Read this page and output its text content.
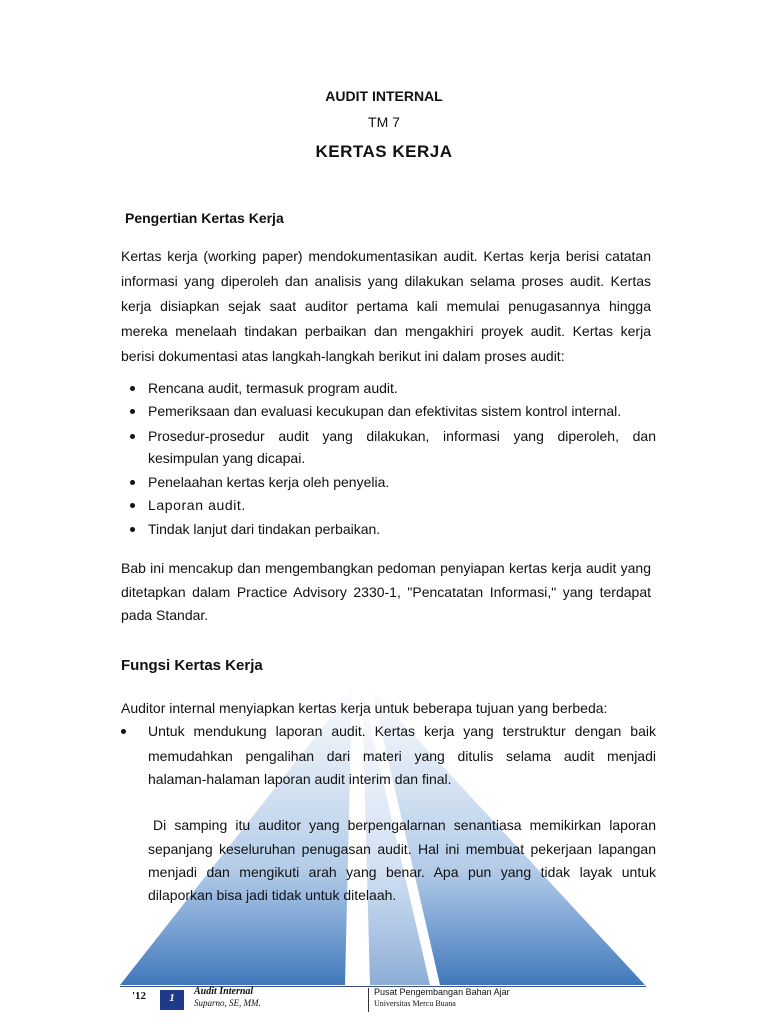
AUDIT INTERNAL
TM 7
KERTAS KERJA
Pengertian Kertas Kerja
Kertas kerja (working paper) mendokumentasikan audit. Kertas kerja berisi catatan
informasi yang diperoleh dan analisis yang dilakukan selama proses audit. Kertas
kerja disiapkan sejak saat auditor pertama kali memulai penugasannya hingga
mereka menelaah tindakan perbaikan dan mengakhiri proyek audit. Kertas kerja
berisi dokumentasi atas langkah-langkah berikut ini dalam proses audit:
Rencana audit, termasuk program audit.
Pemeriksaan dan evaluasi kecukupan dan efektivitas sistem kontrol internal.
Prosedur-prosedur audit yang dilakukan, informasi yang diperoleh, dan
kesimpulan yang dicapai.
Penelaahan kertas kerja oleh penyelia.
Laporan audit.
Tindak lanjut dari tindakan perbaikan.
Bab ini mencakup dan mengembangkan pedoman penyiapan kertas kerja audit yang
ditetapkan dalam Practice Advisory 2330-1, "Pencatatan Informasi," yang terdapat
pada Standar.
Fungsi Kertas Kerja
Auditor internal menyiapkan kertas kerja untuk beberapa tujuan yang berbeda:
Untuk mendukung laporan audit. Kertas kerja yang terstruktur dengan baik
memudahkan pengalihan dari materi yang ditulis selama audit menjadi
halaman-halaman laporan audit interim dan final.
Di samping itu auditor yang berpengalarnan senantiasa memikirkan laporan
sepanjang keseluruhan penugasan audit. Hal ini membuat pekerjaan lapangan
menjadi dan mengikuti arah yang benar. Apa pun yang tidak layak untuk
dilaporkan bisa jadi tidak untuk ditelaah.
'12	1
Audit Internal
Suparno, SE, MM.
Pusat Pengembangan Bahan Ajar
Universitas Mercu Buana
